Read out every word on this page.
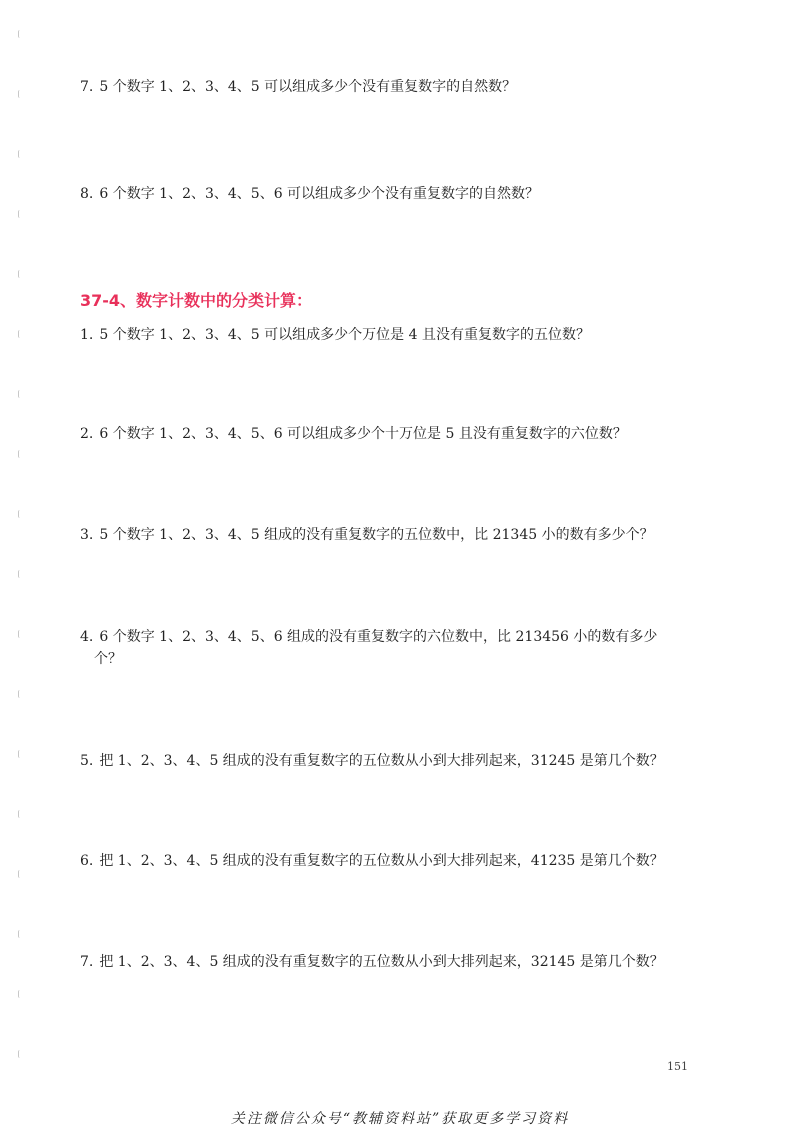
7. 5 个数字 1、2、3、4、5 可以组成多少个没有重复数字的自然数？
8. 6 个数字 1、2、3、4、5、6 可以组成多少个没有重复数字的自然数？
37-4、数字计数中的分类计算：
1. 5 个数字 1、2、3、4、5 可以组成多少个万位是 4 且没有重复数字的五位数？
2. 6 个数字 1、2、3、4、5、6 可以组成多少个十万位是 5 且没有重复数字的六位数？
3. 5 个数字 1、2、3、4、5 组成的没有重复数字的五位数中，比 21345 小的数有多少个？
4. 6 个数字 1、2、3、4、5、6 组成的没有重复数字的六位数中，比 213456 小的数有多少
个？
5. 把 1、2、3、4、5 组成的没有重复数字的五位数从小到大排列起来，31245 是第几个数？
6. 把 1、2、3、4、5 组成的没有重复数字的五位数从小到大排列起来，41235 是第几个数？
7. 把 1、2、3、4、5 组成的没有重复数字的五位数从小到大排列起来，32145 是第几个数？
151
关注微信公众号“教辅资料站”获取更多学习资料
